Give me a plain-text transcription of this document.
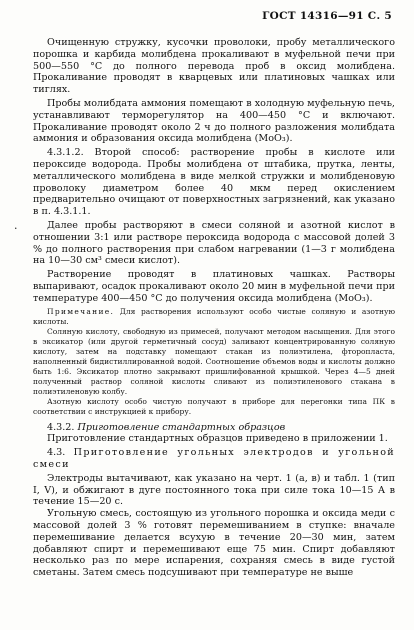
ГОСТ 14316—91 С. 5
·

Очищенную стружку, кусочки проволоки, пробу металлического порошка и карбида молибдена прокаливают в муфельной печи при 500—550 °С до полного перевода проб в оксид молибдена. Прокаливание проводят в кварцевых или платиновых чашках или тиглях.

Пробы молибдата аммония помещают в холодную муфельную печь, устанавливают терморегулятор на 400—450 °С и включают. Прокаливание проводят около 2 ч до полного разложения молибдата аммония и образования оксида молибдена (MoO₃).

4.3.1.2. Второй способ: растворение пробы в кислоте или пероксиде водорода. Пробы молибдена от штабика, прутка, ленты, металлического молибдена в виде мелкой стружки и молибденовую проволоку диаметром более 40 мкм перед окислением предварительно очищают от поверхностных загрязнений, как указано в п. 4.3.1.1.

Далее пробы растворяют в смеси соляной и азотной кислот в отношении 3:1 или растворе пероксида водорода с массовой долей 3 % до полного растворения при слабом нагревании (1—3 г молибдена на 10—30 см³ смеси кислот).

Растворение проводят в платиновых чашках. Растворы выпаривают, осадок прокаливают около 20 мин в муфельной печи при температуре 400—450 °С до получения оксида молибдена (MoO₃).

Примечание. Для растворения используют особо чистые соляную и азотную кислоты.

Соляную кислоту, свободную из примесей, получают методом насыщения. Для этого в эксикатор (или другой герметичный сосуд) заливают концентрированную соляную кислоту, затем на подставку помещают стакан из полиэтилена, фторопласта, наполненный бидистиллированной водой. Соотношение объемов воды и кислоты должно быть 1:6. Эксикатор плотно закрывают пришлифованной крышкой. Через 4—5 дней полученный раствор соляной кислоты сливают из полиэтиленового стакана в полиэтиленовую колбу.

Азотную кислоту особо чистую получают в приборе для перегонки типа ПК в соответствии с инструкцией к прибору.

4.3.2. Приготовление стандартных образцов

Приготовление стандартных образцов приведено в приложении 1.

4.3. Приготовление угольных электродов и угольной смеси

Электроды вытачивают, как указано на черт. 1 (а, в) и табл. 1 (тип I, V), и обжигают в дуге постоянного тока при силе тока 10—15 А в течение 15—20 с.

Угольную смесь, состоящую из угольного порошка и оксида меди с массовой долей 3 % готовят перемешиванием в ступке: вначале перемешивание делается всухую в течение 20—30 мин, затем добавляют спирт и перемешивают еще 75 мин. Спирт добавляют несколько раз по мере испарения, сохраняя смесь в виде густой сметаны. Затем смесь подсушивают при температуре не выше
